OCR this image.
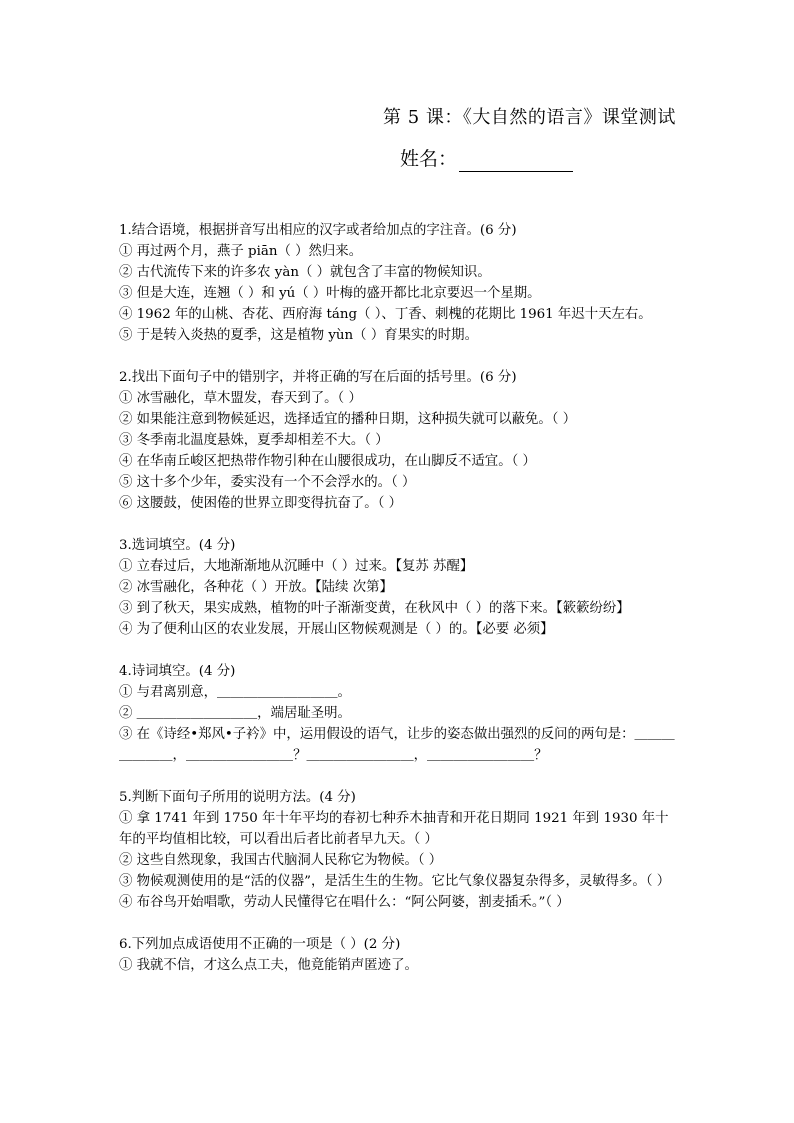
第 5 课：《大自然的语言》课堂测试
姓名：
1.结合语境，根据拼音写出相应的汉字或者给加点的字注音。(6 分)
① 再过两个月，燕子 piān（ ）然归来。
② 古代流传下来的许多农 yàn（ ）就包含了丰富的物候知识。
③ 但是大连，连翘（ ）和 yú（ ）叶梅的盛开都比北京要迟一个星期。
④ 1962 年的山桃、杏花、西府海 táng（ ）、丁香、刺槐的花期比 1961 年迟十天左右。
⑤ 于是转入炎热的夏季，这是植物 yùn（ ）育果实的时期。
2.找出下面句子中的错别字，并将正确的写在后面的括号里。(6 分)
① 冰雪融化，草木盟发，春天到了。（ ）
② 如果能注意到物候延迟，选择适宜的播种日期，这种损失就可以蔽免。（ ）
③ 冬季南北温度悬姝，夏季却相差不大。（ ）
④ 在华南丘峻区把热带作物引种在山腰很成功，在山脚反不适宜。（ ）
⑤ 这十多个少年，委实没有一个不会浮水的。（ ）
⑥ 这腰鼓，使困倦的世界立即变得抗奋了。（ ）
3.选词填空。(4 分)
① 立春过后，大地渐渐地从沉睡中（ ）过来。【复苏 苏醒】
② 冰雪融化，各种花（ ）开放。【陆续 次第】
③ 到了秋天，果实成熟，植物的叶子渐渐变黄，在秋风中（ ）的落下来。【簌簌纷纷】
④ 为了便利山区的农业发展，开展山区物候观测是（ ）的。【必要 必须】
4.诗词填空。(4 分)
① 与君离别意，＿＿＿＿＿＿＿＿＿。
② ＿＿＿＿＿＿＿＿＿，端居耻圣明。
③ 在《诗经•郑风•子衿》中，运用假设的语气，让步的姿态做出强烈的反问的两句是：＿＿＿＿＿＿＿，＿＿＿＿＿＿＿＿？＿＿＿＿＿＿＿＿，＿＿＿＿＿＿＿＿？
5.判断下面句子所用的说明方法。(4 分)
① 拿 1741 年到 1750 年十年平均的春初七种乔木抽青和开花日期同 1921 年到 1930 年十年的平均值相比较，可以看出后者比前者早九天。（ ）
② 这些自然现象，我国古代脑洞人民称它为物候。（ ）
③ 物候观测使用的是“活的仪器”，是活生生的生物。它比气象仪器复杂得多，灵敏得多。（ ）
④ 布谷鸟开始唱歌，劳动人民懂得它在唱什么：“阿公阿婆，割麦插禾。”（ ）
6.下列加点成语使用不正确的一项是（ ）(2 分)
① 我就不信，才这么点工夫，他竟能销声匿迹了。
